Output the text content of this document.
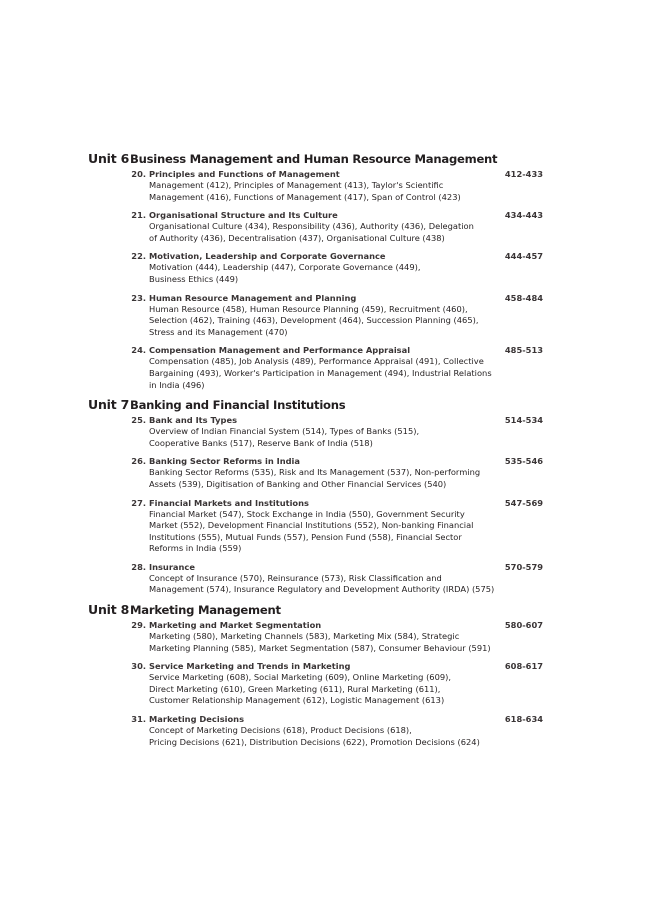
Unit 6 Business Management and Human Resource Management
20. Principles and Functions of Management	412-433
Management (412), Principles of Management (413), Taylor's Scientific
Management (416), Functions of Management (417), Span of Control (423)
21. Organisational Structure and Its Culture	434-443
Organisational Culture (434), Responsibility (436), Authority (436), Delegation
of Authority (436), Decentralisation (437), Organisational Culture (438)
22. Motivation, Leadership and Corporate Governance	444-457
Motivation (444), Leadership (447), Corporate Governance (449),
Business Ethics (449)
23. Human Resource Management and Planning	458-484
Human Resource (458), Human Resource Planning (459), Recruitment (460),
Selection (462), Training (463), Development (464), Succession Planning (465),
Stress and its Management (470)
24. Compensation Management and Performance Appraisal	485-513
Compensation (485), Job Analysis (489), Performance Appraisal (491), Collective
Bargaining (493), Worker's Participation in Management (494), Industrial Relations
in India (496)
Unit 7 Banking and Financial Institutions
25. Bank and Its Types	514-534
Overview of Indian Financial System (514), Types of Banks (515),
Cooperative Banks (517), Reserve Bank of India (518)
26. Banking Sector Reforms in India	535-546
Banking Sector Reforms (535), Risk and Its Management (537), Non-performing
Assets (539), Digitisation of Banking and Other Financial Services (540)
27. Financial Markets and Institutions	547-569
Financial Market (547), Stock Exchange in India (550), Government Security
Market (552), Development Financial Institutions (552), Non-banking Financial
Institutions (555), Mutual Funds (557), Pension Fund (558), Financial Sector
Reforms in India (559)
28. Insurance	570-579
Concept of Insurance (570), Reinsurance (573), Risk Classification and
Management (574), Insurance Regulatory and Development Authority (IRDA) (575)
Unit 8 Marketing Management
29. Marketing and Market Segmentation	580-607
Marketing (580), Marketing Channels (583), Marketing Mix (584), Strategic
Marketing Planning (585), Market Segmentation (587), Consumer Behaviour (591)
30. Service Marketing and Trends in Marketing	608-617
Service Marketing (608), Social Marketing (609), Online Marketing (609),
Direct Marketing (610), Green Marketing (611), Rural Marketing (611),
Customer Relationship Management (612), Logistic Management (613)
31. Marketing Decisions	618-634
Concept of Marketing Decisions (618), Product Decisions (618),
Pricing Decisions (621), Distribution Decisions (622), Promotion Decisions (624)
